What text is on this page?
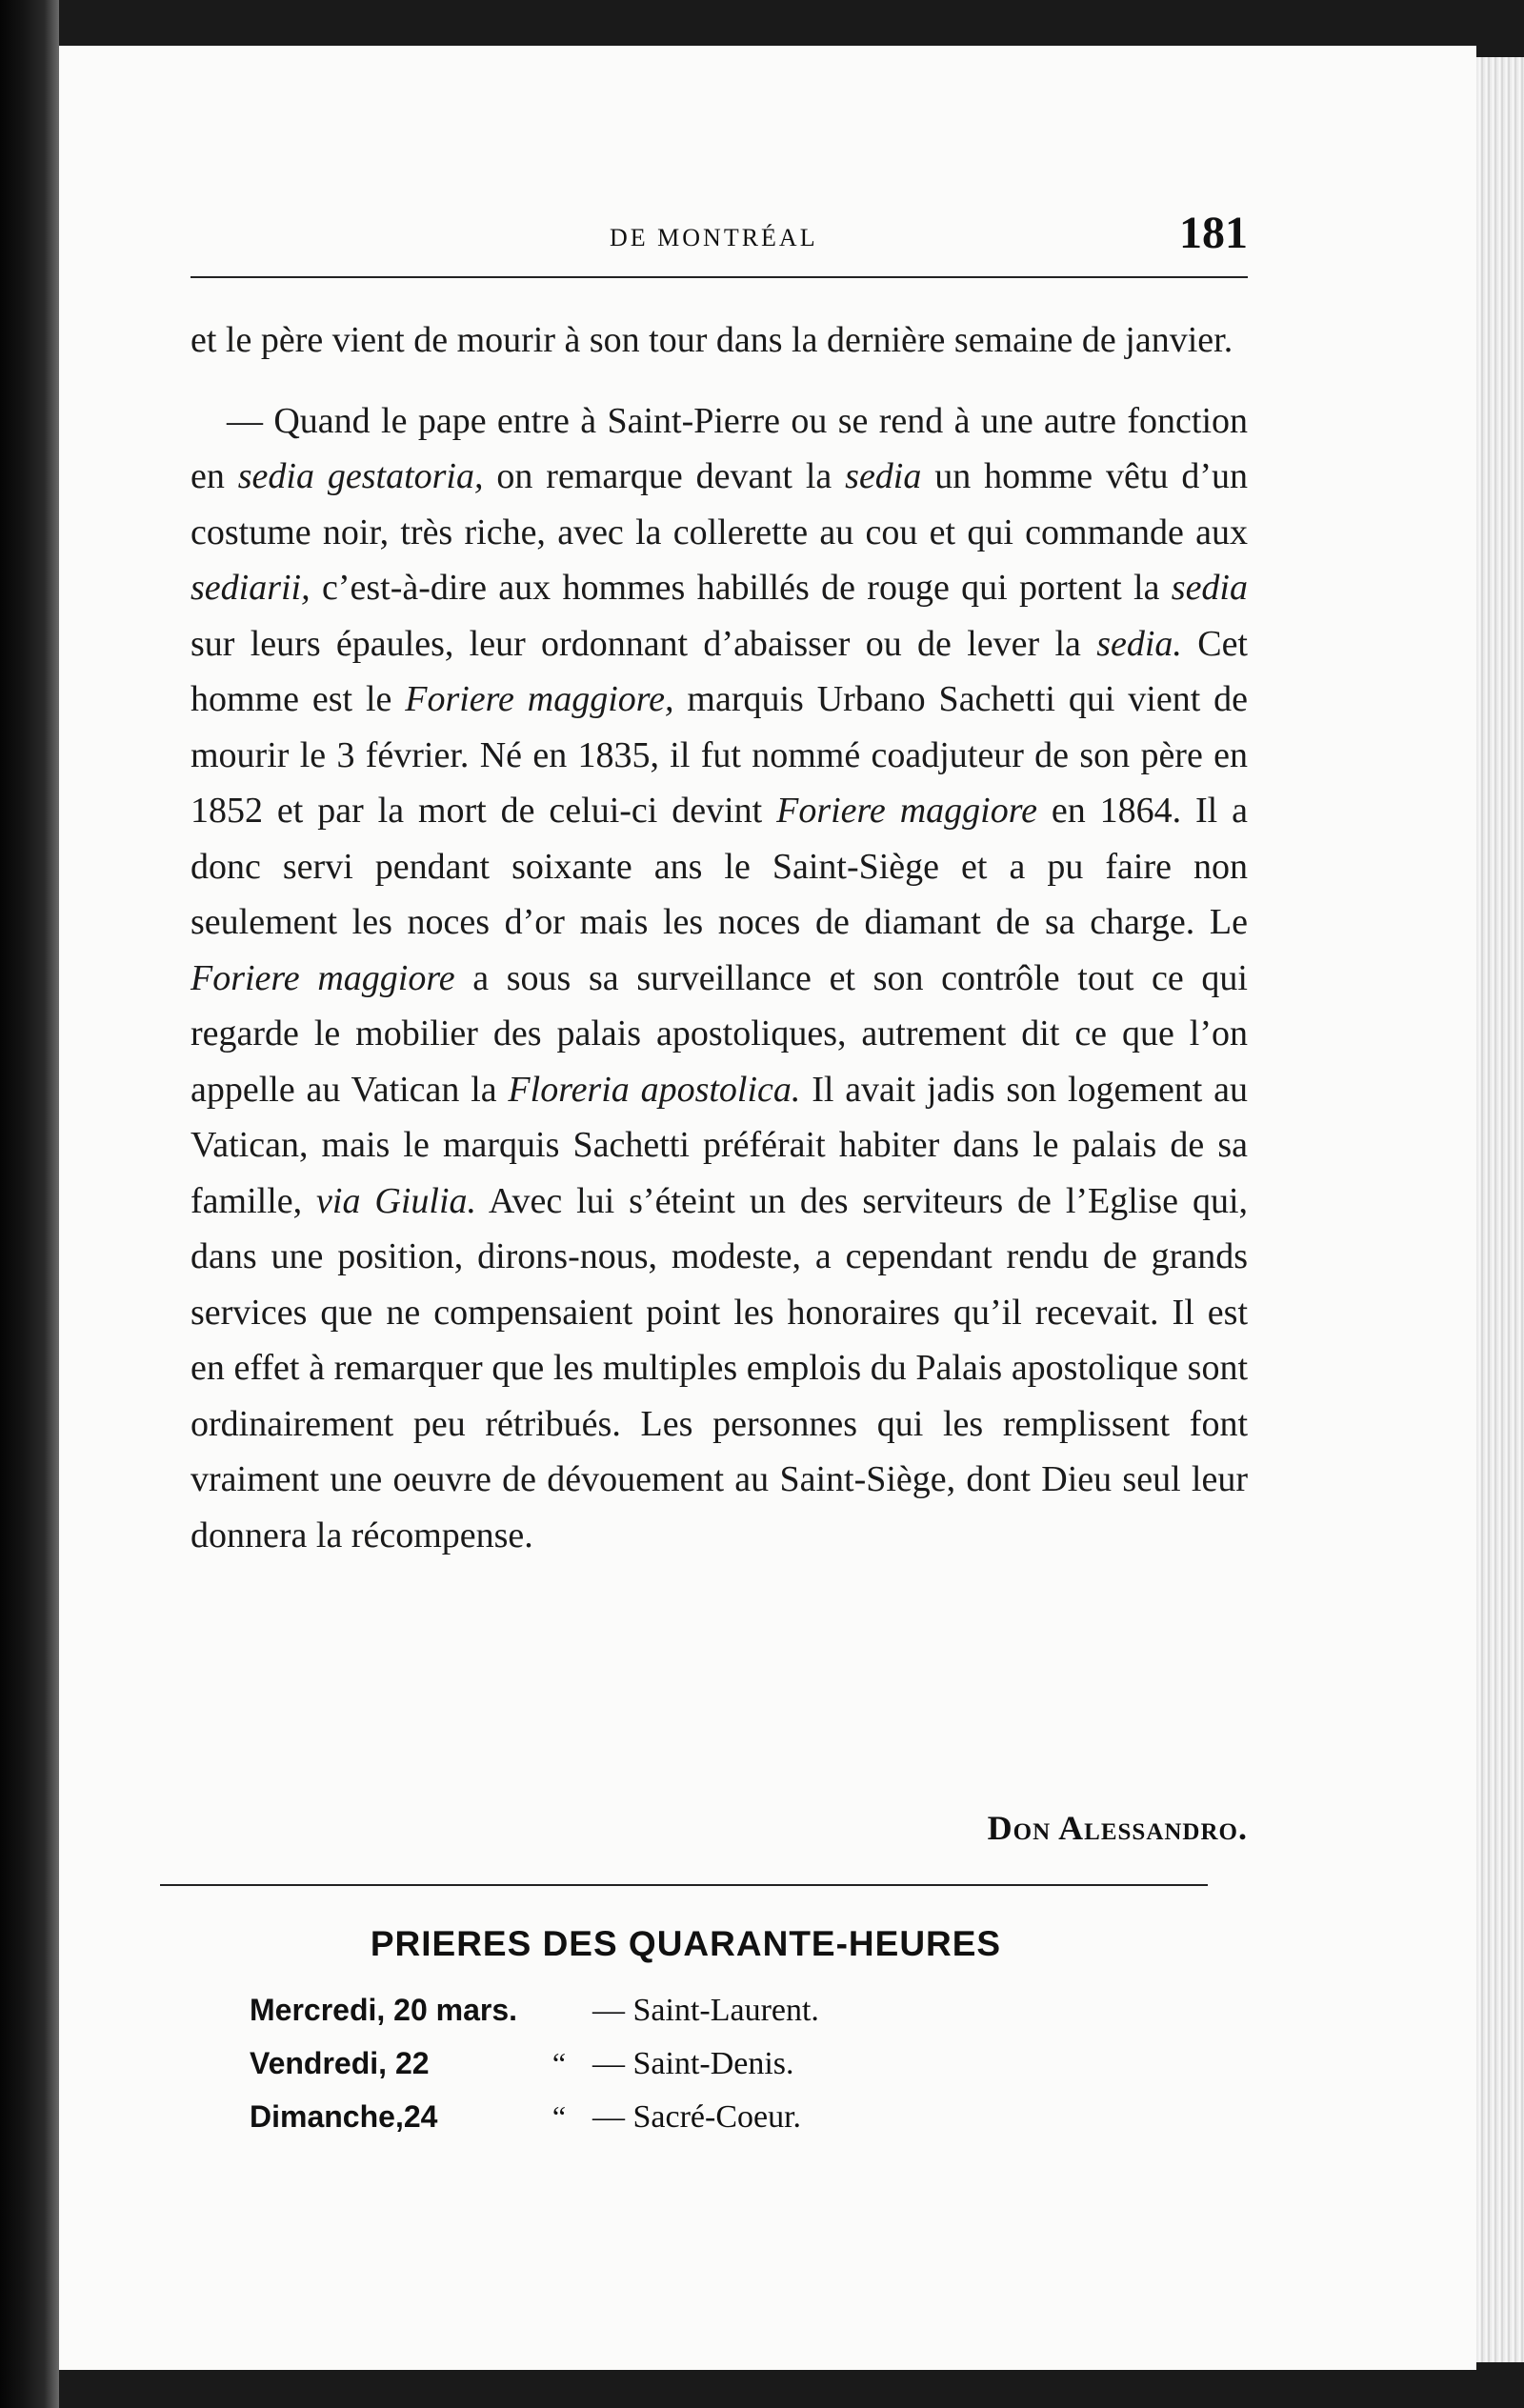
DE MONTRÉAL	181

et le père vient de mourir à son tour dans la dernière semaine de janvier.

— Quand le pape entre à Saint-Pierre ou se rend à une autre fonction en sedia gestatoria, on remarque devant la sedia un homme vêtu d’un costume noir, très riche, avec la collerette au cou et qui commande aux sediarii, c’est-à-dire aux hommes habillés de rouge qui portent la sedia sur leurs épaules, leur ordonnant d’abaisser ou de lever la sedia. Cet homme est le Foriere maggiore, marquis Urbano Sachetti qui vient de mourir le 3 février. Né en 1835, il fut nommé coadjuteur de son père en 1852 et par la mort de celui-ci devint Foriere maggiore en 1864. Il a donc servi pendant soixante ans le Saint-Siège et a pu faire non seulement les noces d’or mais les noces de diamant de sa charge. Le Foriere maggiore a sous sa surveillance et son contrôle tout ce qui regarde le mobilier des palais apostoliques, autrement dit ce que l’on appelle au Vatican la Floreria apostolica. Il avait jadis son logement au Vatican, mais le marquis Sachetti préférait habiter dans le palais de sa famille, via Giulia. Avec lui s’éteint un des serviteurs de l’Eglise qui, dans une position, dirons-nous, modeste, a cependant rendu de grands services que ne compensaient point les honoraires qu’il recevait. Il est en effet à remarquer que les multiples emplois du Palais apostolique sont ordinairement peu rétribués. Les personnes qui les remplissent font vraiment une oeuvre de dévouement au Saint-Siège, dont Dieu seul leur donnera la récompense.

Don Alessandro.
PRIERES DES QUARANTE-HEURES
Mercredi, 20 mars. — Saint-Laurent.
Vendredi, 22	“ — Saint-Denis.
Dimanche,24	“ — Sacré-Coeur.
